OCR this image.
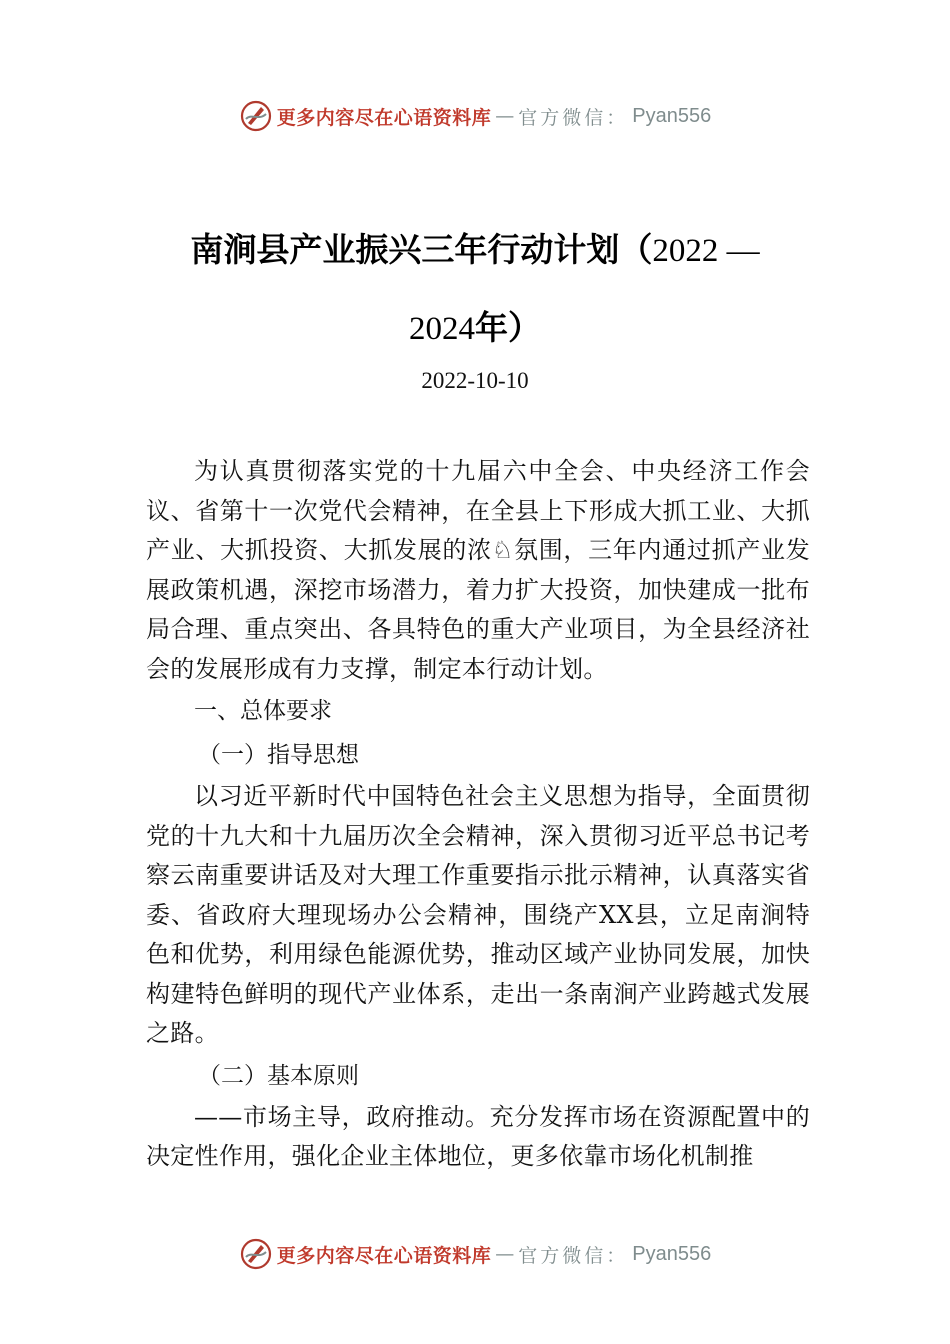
更多内容尽在心语资料库 — 官方微信： Pyan556
南涧县产业振兴三年行动计划（2022 —
2024年）
2022-10-10

为认真贯彻落实党的十九届六中全会、中央经济工作会议、省第十一次党代会精神，在全县上下形成大抓工业、大抓产业、大抓投资、大抓发展的浓♘氛围，三年内通过抓产业发展政策机遇，深挖市场潜力，着力扩大投资，加快建成一批布局合理、重点突出、各具特色的重大产业项目，为全县经济社会的发展形成有力支撑，制定本行动计划。

一、总体要求

（一）指导思想

以习近平新时代中国特色社会主义思想为指导，全面贯彻党的十九大和十九届历次全会精神，深入贯彻习近平总书记考察云南重要讲话及对大理工作重要指示批示精神，认真落实省委、省政府大理现场办公会精神，围绕产XX县，立足南涧特色和优势，利用绿色能源优势，推动区域产业协同发展，加快构建特色鲜明的现代产业体系，走出一条南涧产业跨越式发展之路。

（二）基本原则

——市场主导，政府推动。充分发挥市场在资源配置中的决定性作用，强化企业主体地位，更多依靠市场化机制推

更多内容尽在心语资料库 — 官方微信： Pyan556
